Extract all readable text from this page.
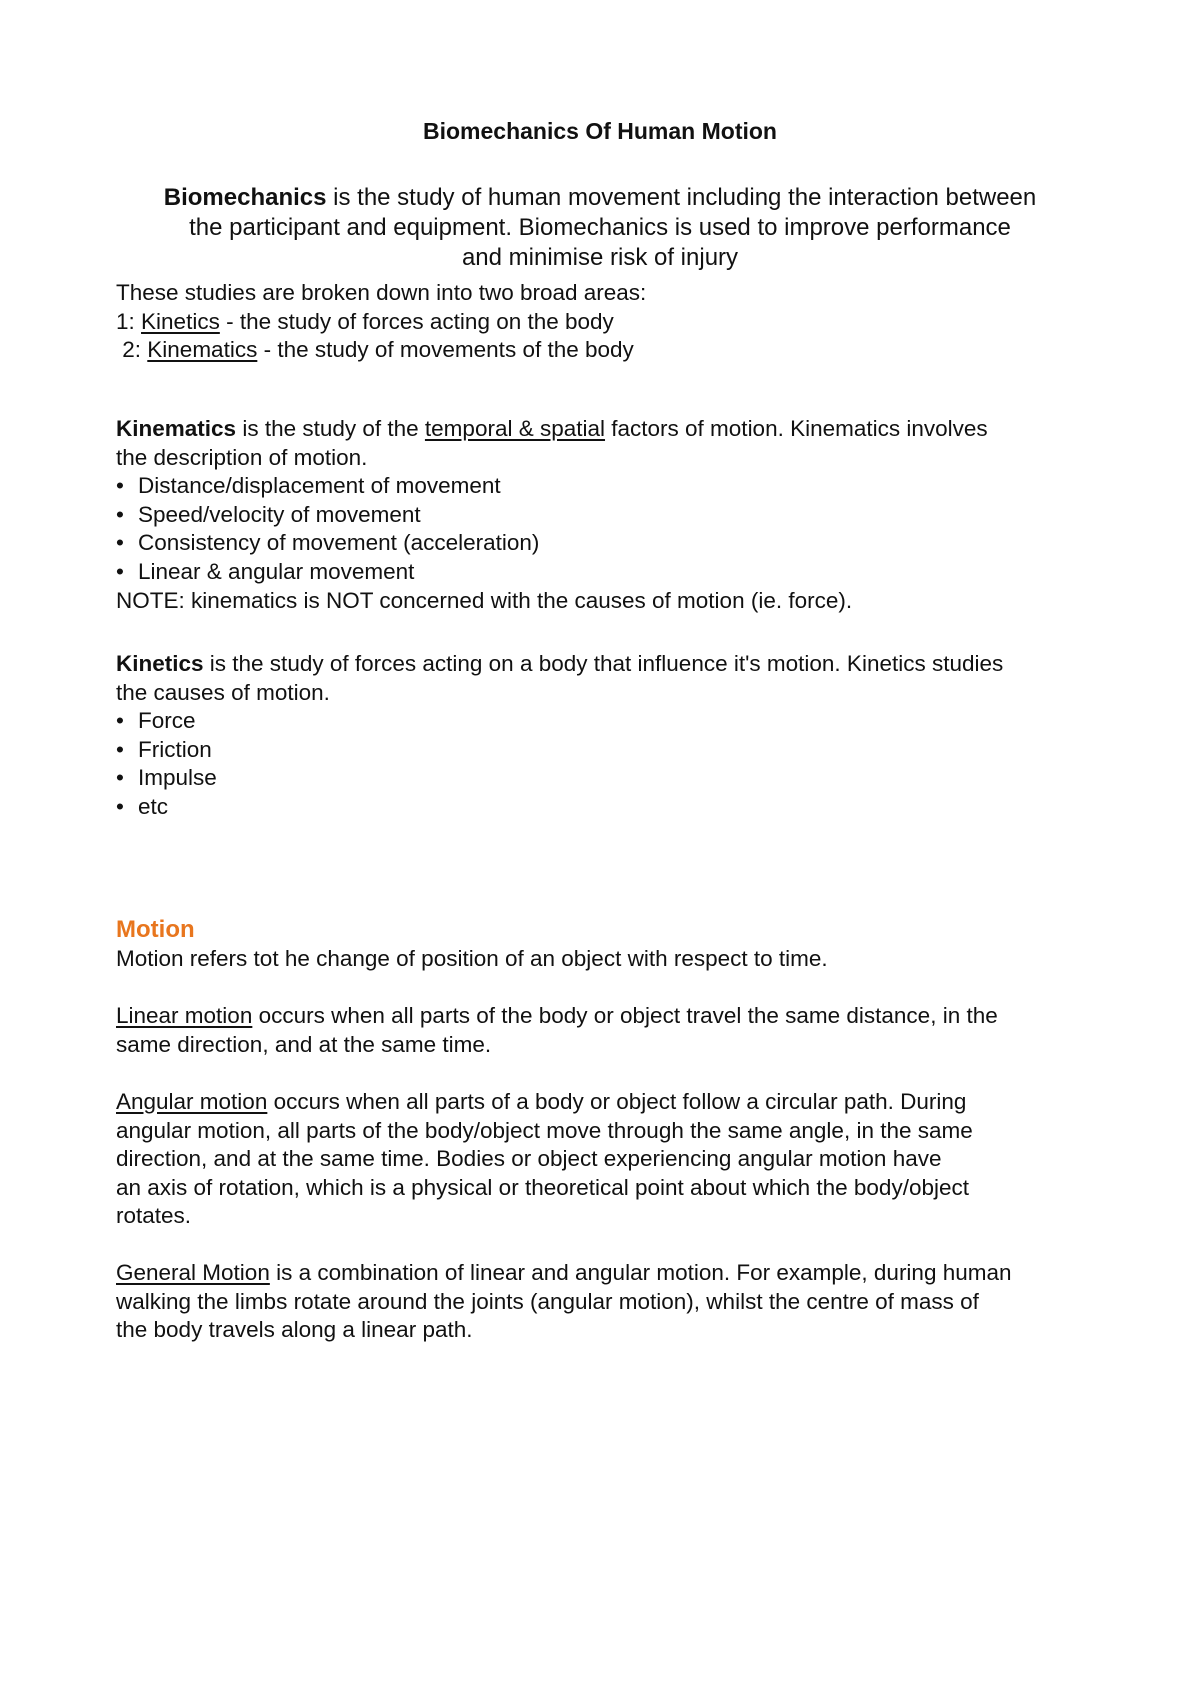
Biomechanics Of Human Motion
Biomechanics is the study of human movement including the interaction between
the participant and equipment. Biomechanics is used to improve performance
and minimise risk of injury
These studies are broken down into two broad areas:
1: Kinetics - the study of forces acting on the body
2: Kinematics - the study of movements of the body
Kinematics is the study of the temporal & spatial factors of motion. Kinematics involves
the description of motion.
• Distance/displacement of movement
• Speed/velocity of movement
• Consistency of movement (acceleration)
• Linear & angular movement
NOTE: kinematics is NOT concerned with the causes of motion (ie. force).
Kinetics is the study of forces acting on a body that influence it's motion. Kinetics studies
the causes of motion.
• Force
• Friction
• Impulse
• etc
Motion
Motion refers tot he change of position of an object with respect to time.
Linear motion occurs when all parts of the body or object travel the same distance, in the
same direction, and at the same time.
Angular motion occurs when all parts of a body or object follow a circular path. During
angular motion, all parts of the body/object move through the same angle, in the same
direction, and at the same time. Bodies or object experiencing angular motion have
an axis of rotation, which is a physical or theoretical point about which the body/object
rotates.
General Motion is a combination of linear and angular motion. For example, during human
walking the limbs rotate around the joints (angular motion), whilst the centre of mass of
the body travels along a linear path.
